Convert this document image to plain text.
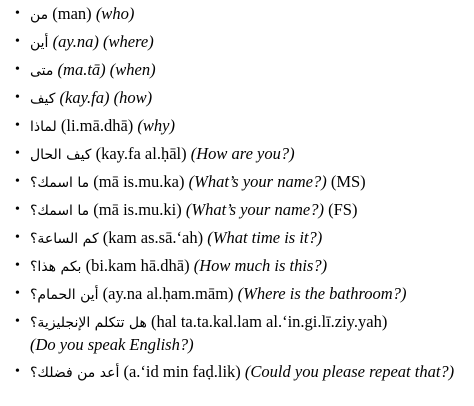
• من (man) (who)
• أين (ay.na) (where)
• متى (ma.tā) (when)
• كيف (kay.fa) (how)
• لماذا (li.mā.dhā) (why)
• كيف الحال (kay.fa al.ḥāl) (How are you?)
• ما اسمك؟ (mā is.mu.ka) (What’s your name?) (MS)
• ما اسمك؟ (mā is.mu.ki) (What’s your name?) (FS)
• كم الساعة؟ (kam as.sā.‘ah) (What time is it?)
• بكم هذا؟ (bi.kam hā.dhā) (How much is this?)
• أين الحمام؟ (ay.na al.ḥam.mām) (Where is the bathroom?)
• هل تتكلم الإنجليزية؟ (hal ta.ta.kal.lam al.‘in.gi.lī.ziy.yah)
(Do you speak English?)
• أعد من فضلك؟ (a.‘id min faḍ.lik) (Could you please repeat that?)
